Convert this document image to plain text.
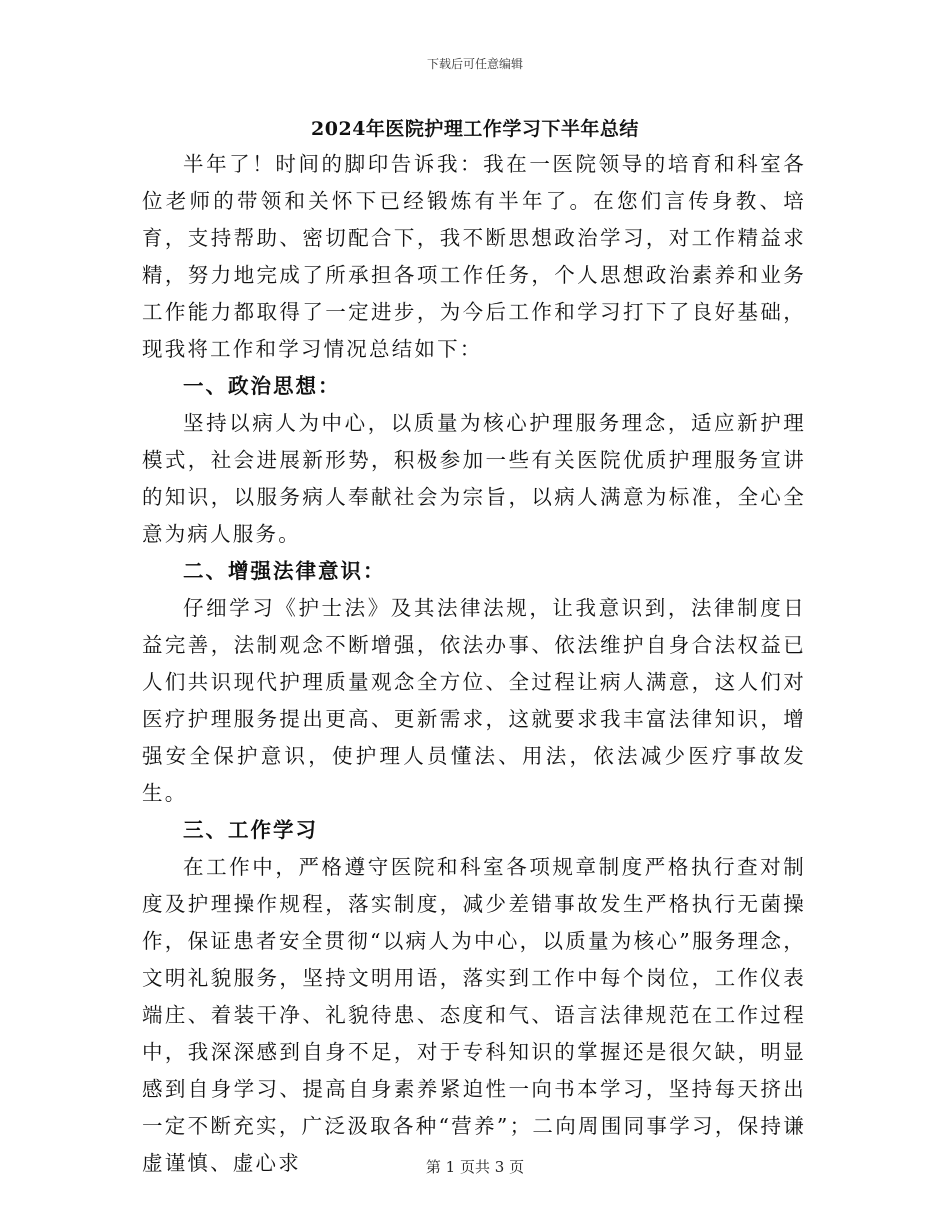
下载后可任意编辑
2024年医院护理工作学习下半年总结

半年了！时间的脚印告诉我：我在一医院领导的培育和科室各位老师的带领和关怀下已经锻炼有半年了。在您们言传身教、培育，支持帮助、密切配合下，我不断思想政治学习，对工作精益求精，努力地完成了所承担各项工作任务，个人思想政治素养和业务工作能力都取得了一定进步，为今后工作和学习打下了良好基础，现我将工作和学习情况总结如下：

一、政治思想：

坚持以病人为中心，以质量为核心护理服务理念，适应新护理模式，社会进展新形势，积极参加一些有关医院优质护理服务宣讲的知识，以服务病人奉献社会为宗旨，以病人满意为标准，全心全意为病人服务。

二、增强法律意识：

仔细学习《护士法》及其法律法规，让我意识到，法律制度日益完善，法制观念不断增强，依法办事、依法维护自身合法权益已人们共识现代护理质量观念全方位、全过程让病人满意，这人们对医疗护理服务提出更高、更新需求，这就要求我丰富法律知识，增强安全保护意识，使护理人员懂法、用法，依法减少医疗事故发生。

三、工作学习

在工作中，严格遵守医院和科室各项规章制度严格执行查对制度及护理操作规程，落实制度，减少差错事故发生严格执行无菌操作，保证患者安全贯彻“以病人为中心，以质量为核心”服务理念，文明礼貌服务，坚持文明用语，落实到工作中每个岗位，工作仪表端庄、着装干净、礼貌待患、态度和气、语言法律规范在工作过程中，我深深感到自身不足，对于专科知识的掌握还是很欠缺，明显感到自身学习、提高自身素养紧迫性一向书本学习，坚持每天挤出一定不断充实，广泛汲取各种“营养”；二向周围同事学习，保持谦虚谨慎、虚心求	第 1 页共 3 页
